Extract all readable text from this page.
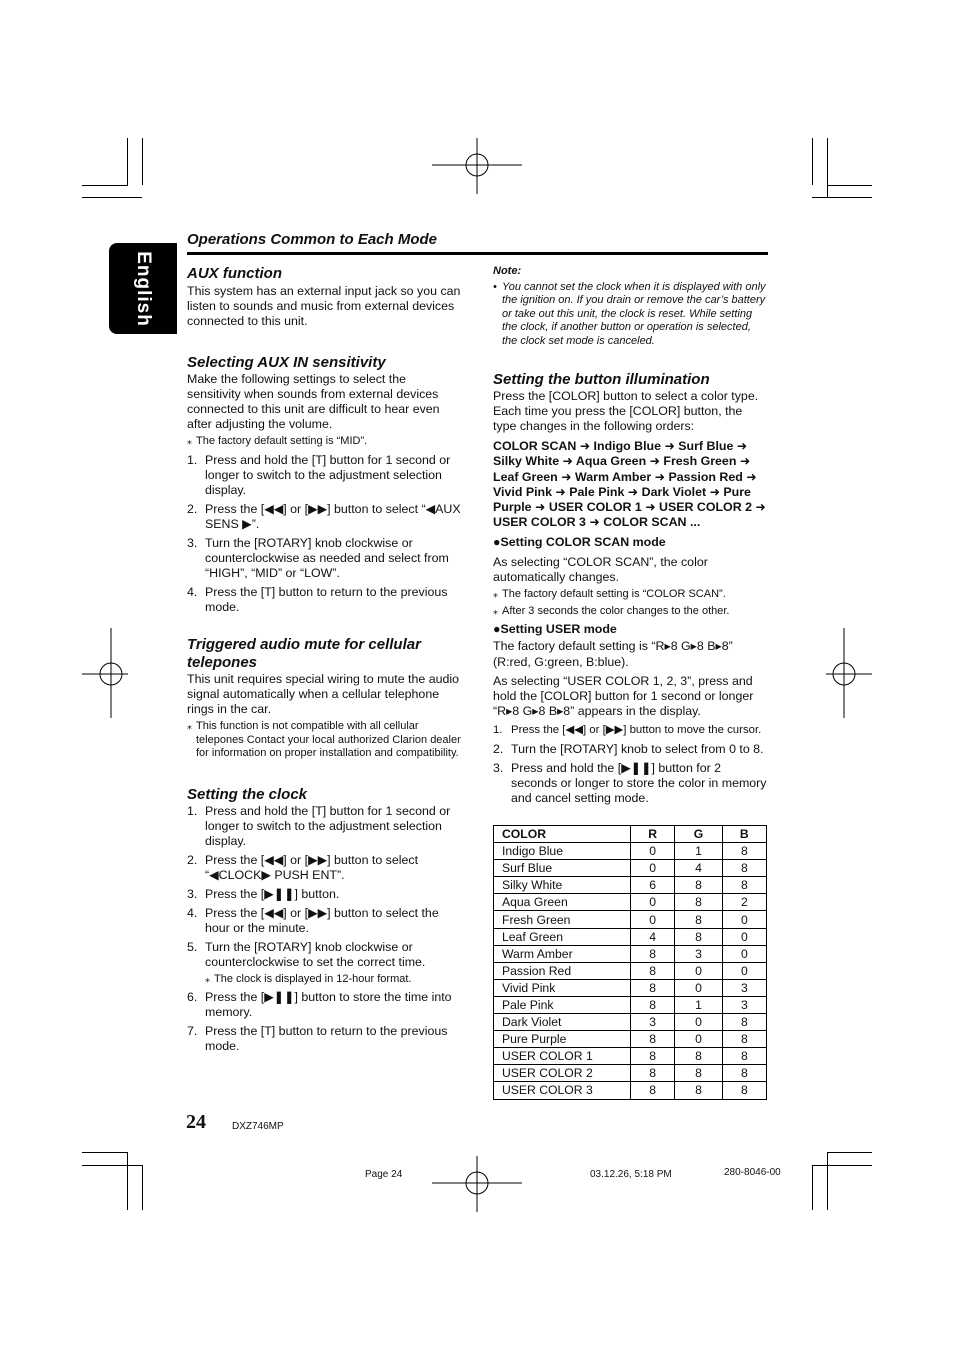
English
Operations Common to Each Mode
AUX function

This system has an external input jack so you can listen to sounds and music from external devices connected to this unit.

Selecting AUX IN sensitivity

Make the following settings to select the sensitivity when sounds from external devices connected to this unit are difficult to hear even after adjusting the volume.

⁎ The factory default setting is “MID”.
1. Press and hold the [T] button for 1 second or longer to switch to the adjustment selection display.
2. Press the [◀◀] or [▶▶] button to select “◀AUX SENS ▶”.
3. Turn the [ROTARY] knob clockwise or counterclockwise as needed and select from “HIGH”, “MID” or “LOW”.
4. Press the [T] button to return to the previous mode.
Triggered audio mute for cellular
telepones

This unit requires special wiring to mute the audio signal automatically when a cellular telephone rings in the car.

⁎ This function is not compatible with all cellular telepones Contact your local authorized Clarion dealer for information on proper installation and compatibility.
Setting the clock
1. Press and hold the [T] button for 1 second or longer to switch to the adjustment selection display.
2. Press the [◀◀] or [▶▶] button to select “◀CLOCK▶ PUSH ENT”.
3. Press the [▶❚❚] button.
4. Press the [◀◀] or [▶▶] button to select the hour or the minute.
5. Turn the [ROTARY] knob clockwise or counterclockwise to set the correct time.
⁎ The clock is displayed in 12-hour format.
6. Press the [▶❚❚] button to store the time into memory.
7. Press the [T] button to return to the previous mode.
Note:
• You cannot set the clock when it is displayed with only the ignition on. If you drain or remove the car’s battery or take out this unit, the clock is reset. While setting the clock, if another button or operation is selected, the clock set mode is canceled.
Setting the button illumination

Press the [COLOR] button to select a color type. Each time you press the [COLOR] button, the type changes in the following orders:

COLOR SCAN ➜ Indigo Blue ➜ Surf Blue ➜ Silky White ➜ Aqua Green ➜ Fresh Green ➜ Leaf Green ➜ Warm Amber ➜ Passion Red ➜ Vivid Pink ➜ Pale Pink ➜ Dark Violet ➜ Pure Purple ➜ USER COLOR 1 ➜ USER COLOR 2 ➜ USER COLOR 3 ➜ COLOR SCAN ...

●Setting COLOR SCAN mode

As selecting “COLOR SCAN”, the color automatically changes.

⁎ The factory default setting is “COLOR SCAN”.
⁎ After 3 seconds the color changes to the other.
●Setting USER mode

The factory default setting is “R▸8 G▸8 B▸8” (R:red, G:green, B:blue).

As selecting “USER COLOR 1, 2, 3”, press and hold the [COLOR] button for 1 second or longer “R▸8 G▸8 B▸8” appears in the display.

1. Press the [◀◀] or [▶▶] button to move the cursor.
2. Turn the [ROTARY] knob to select from 0 to 8.
3. Press and hold the [▶❚❚] button for 2 seconds or longer to store the color in memory and cancel setting mode.
COLOR	R	G	B
Indigo Blue	0	1	8
Surf Blue	0	4	8
Silky White	6	8	8
Aqua Green	0	8	2
Fresh Green	0	8	0
Leaf Green	4	8	0
Warm Amber	8	3	0
Passion Red	8	0	0
Vivid Pink	8	0	3
Pale Pink	8	1	3
Dark Violet	3	0	8
Pure Purple	8	0	8
USER COLOR 1	8	8	8
USER COLOR 2	8	8	8
USER COLOR 3	8	8	8
24	DXZ746MP
Page 24	03.12.26, 5:18 PM	280-8046-00
